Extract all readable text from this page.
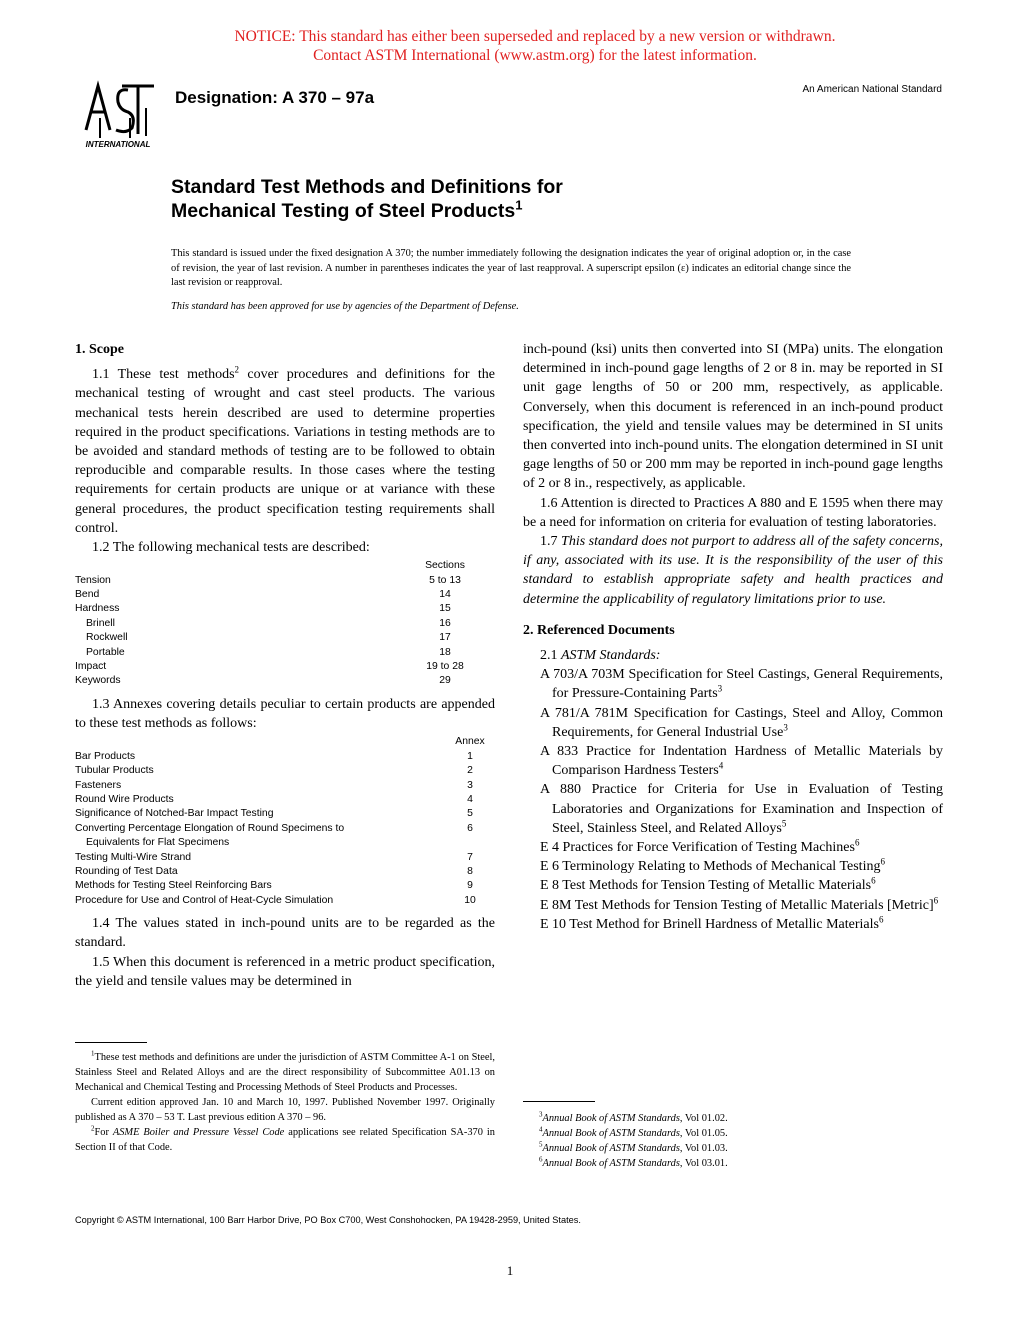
NOTICE: This standard has either been superseded and replaced by a new version or withdrawn.
Contact ASTM International (www.astm.org) for the latest information.
INTERNATIONAL
Designation: A 370 – 97a	An American National Standard
Standard Test Methods and Definitions for
Mechanical Testing of Steel Products$^1$
This standard is issued under the fixed designation A 370; the number immediately following the designation indicates the year of original adoption or, in the case of revision, the year of last revision. A number in parentheses indicates the year of last reapproval. A superscript epsilon (ε) indicates an editorial change since the last revision or reapproval.
This standard has been approved for use by agencies of the Department of Defense.
1. Scope

1.1 These test methods$^2$ cover procedures and definitions for the mechanical testing of wrought and cast steel products. The various mechanical tests herein described are used to determine properties required in the product specifications. Variations in testing methods are to be avoided and standard methods of testing are to be followed to obtain reproducible and comparable results. In those cases where the testing requirements for certain products are unique or at variance with these general procedures, the product specification testing requirements shall control.

1.2 The following mechanical tests are described:

	Sections
Tension	5 to 13
Bend	14
Hardness	15
Brinell	16
Rockwell	17
Portable	18
Impact	19 to 28
Keywords	29

1.3 Annexes covering details peculiar to certain products are appended to these test methods as follows:

	Annex
Bar Products	1
Tubular Products	2
Fasteners	3
Round Wire Products	4
Significance of Notched-Bar Impact Testing	5
Converting Percentage Elongation of Round Specimens to	6
Equivalents for Flat Specimens	
Testing Multi-Wire Strand	7
Rounding of Test Data	8
Methods for Testing Steel Reinforcing Bars	9
Procedure for Use and Control of Heat-Cycle Simulation	10

1.4 The values stated in inch-pound units are to be regarded as the standard.

1.5 When this document is referenced in a metric product specification, the yield and tensile values may be determined in

inch-pound (ksi) units then converted into SI (MPa) units. The elongation determined in inch-pound gage lengths of 2 or 8 in. may be reported in SI unit gage lengths of 50 or 200 mm, respectively, as applicable. Conversely, when this document is referenced in an inch-pound product specification, the yield and tensile values may be determined in SI units then converted into inch-pound units. The elongation determined in SI unit gage lengths of 50 or 200 mm may be reported in inch-pound gage lengths of 2 or 8 in., respectively, as applicable.

1.6 Attention is directed to Practices A 880 and E 1595 when there may be a need for information on criteria for evaluation of testing laboratories.

1.7 This standard does not purport to address all of the safety concerns, if any, associated with its use. It is the responsibility of the user of this standard to establish appropriate safety and health practices and determine the applicability of regulatory limitations prior to use.

2. Referenced Documents

2.1 ASTM Standards:

A 703/A 703M Specification for Steel Castings, General Requirements, for Pressure-Containing Parts$^3$

A 781/A 781M Specification for Castings, Steel and Alloy, Common Requirements, for General Industrial Use$^3$

A 833 Practice for Indentation Hardness of Metallic Materials by Comparison Hardness Testers$^4$

A 880 Practice for Criteria for Use in Evaluation of Testing Laboratories and Organizations for Examination and Inspection of Steel, Stainless Steel, and Related Alloys$^5$

E 4 Practices for Force Verification of Testing Machines$^6$

E 6 Terminology Relating to Methods of Mechanical Testing$^6$

E 8 Test Methods for Tension Testing of Metallic Materials$^6$

E 8M Test Methods for Tension Testing of Metallic Materials [Metric]$^6$

E 10 Test Method for Brinell Hardness of Metallic Materials$^6$

$^1$These test methods and definitions are under the jurisdiction of ASTM Committee A-1 on Steel, Stainless Steel and Related Alloys and are the direct responsibility of Subcommittee A01.13 on Mechanical and Chemical Testing and Processing Methods of Steel Products and Processes.

Current edition approved Jan. 10 and March 10, 1997. Published November 1997. Originally published as A 370 – 53 T. Last previous edition A 370 – 96.

$^2$For ASME Boiler and Pressure Vessel Code applications see related Specification SA-370 in Section II of that Code.

$^3$Annual Book of ASTM Standards, Vol 01.02.

$^4$Annual Book of ASTM Standards, Vol 01.05.

$^5$Annual Book of ASTM Standards, Vol 01.03.

$^6$Annual Book of ASTM Standards, Vol 03.01.

Copyright © ASTM International, 100 Barr Harbor Drive, PO Box C700, West Conshohocken, PA 19428-2959, United States.
1
